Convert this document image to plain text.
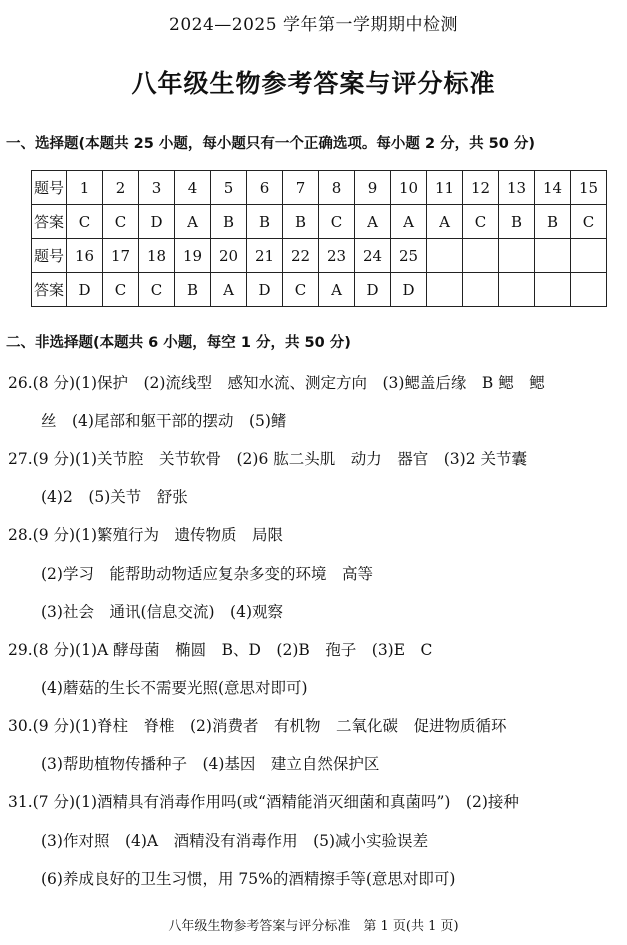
2024—2025 学年第一学期期中检测
八年级生物参考答案与评分标准
一、选择题(本题共 25 小题，每小题只有一个正确选项。每小题 2 分，共 50 分)
题号	1	2	3	4	5	6	7	8	9	10	11	12	13	14	15
答案	C	C	D	A	B	B	B	C	A	A	A	C	B	B	C
题号	16	17	18	19	20	21	22	23	24	25					
答案	D	C	C	B	A	D	C	A	D	D					
二、非选择题(本题共 6 小题，每空 1 分，共 50 分)
26.(8 分)(1)保护　(2)流线型　感知水流、测定方向　(3)鳃盖后缘　B 鳃　鳃
丝　(4)尾部和躯干部的摆动　(5)鳍
27.(9 分)(1)关节腔　关节软骨　(2)6 肱二头肌　动力　器官　(3)2 关节囊
(4)2　(5)关节　舒张
28.(9 分)(1)繁殖行为　遗传物质　局限
(2)学习　能帮助动物适应复杂多变的环境　高等
(3)社会　通讯(信息交流)　(4)观察
29.(8 分)(1)A 酵母菌　椭圆　B、D　(2)B　孢子　(3)E　C
(4)蘑菇的生长不需要光照(意思对即可)
30.(9 分)(1)脊柱　脊椎　(2)消费者　有机物　二氧化碳　促进物质循环
(3)帮助植物传播种子　(4)基因　建立自然保护区
31.(7 分)(1)酒精具有消毒作用吗(或“酒精能消灭细菌和真菌吗”)　(2)接种
(3)作对照　(4)A　酒精没有消毒作用　(5)减小实验误差
(6)养成良好的卫生习惯，用 75%的酒精擦手等(意思对即可)
八年级生物参考答案与评分标准　第 1 页(共 1 页)
